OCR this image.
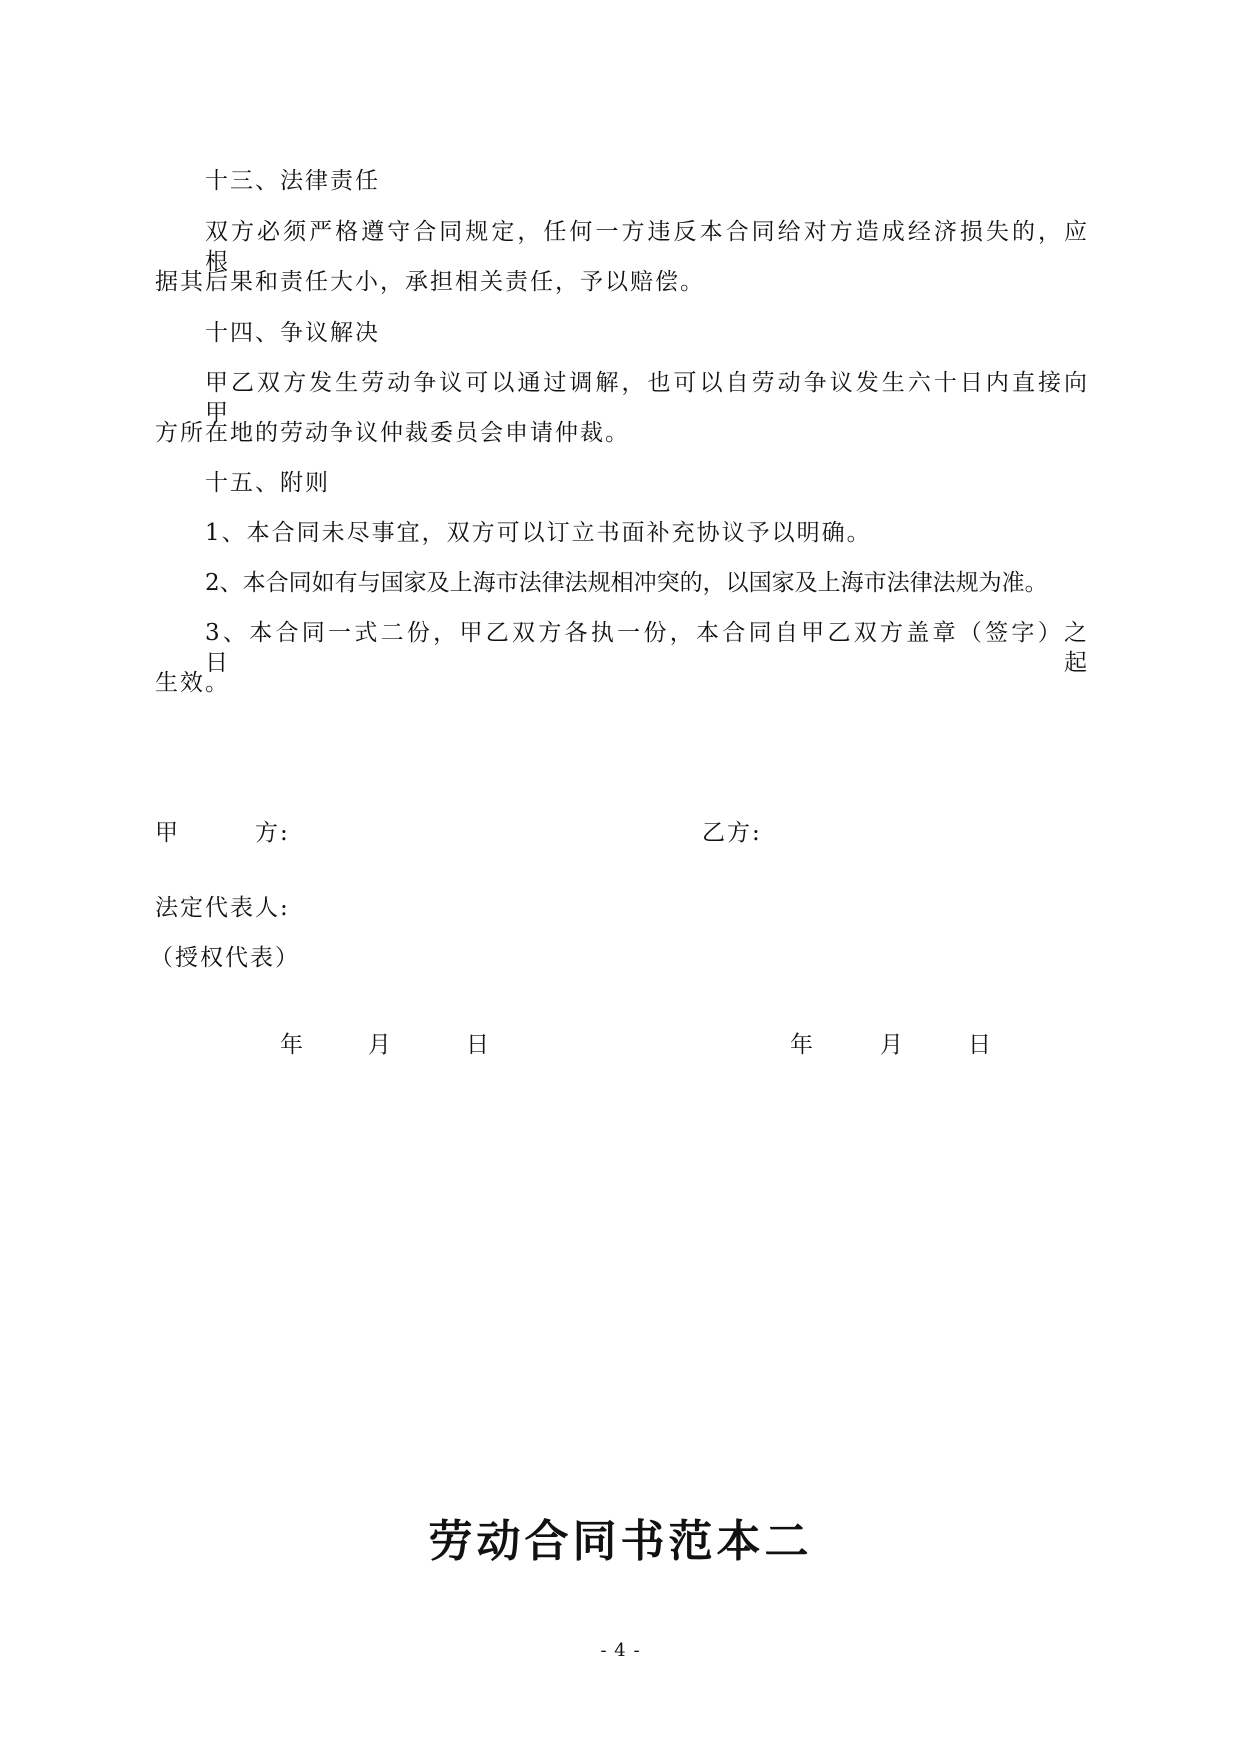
十三、法律责任
双方必须严格遵守合同规定，任何一方违反本合同给对方造成经济损失的，应根
据其后果和责任大小，承担相关责任，予以赔偿。
十四、争议解决
甲乙双方发生劳动争议可以通过调解，也可以自劳动争议发生六十日内直接向甲
方所在地的劳动争议仲裁委员会申请仲裁。
十五、附则
1、本合同未尽事宜，双方可以订立书面补充协议予以明确。
2、本合同如有与国家及上海市法律法规相冲突的，以国家及上海市法律法规为准。
3、本合同一式二份，甲乙双方各执一份，本合同自甲乙双方盖章（签字）之日起
生效。
甲	方:	乙方:
法定代表人:
（授权代表）
年	月	日	年	月	日
劳动合同书范本二
- 4 -
